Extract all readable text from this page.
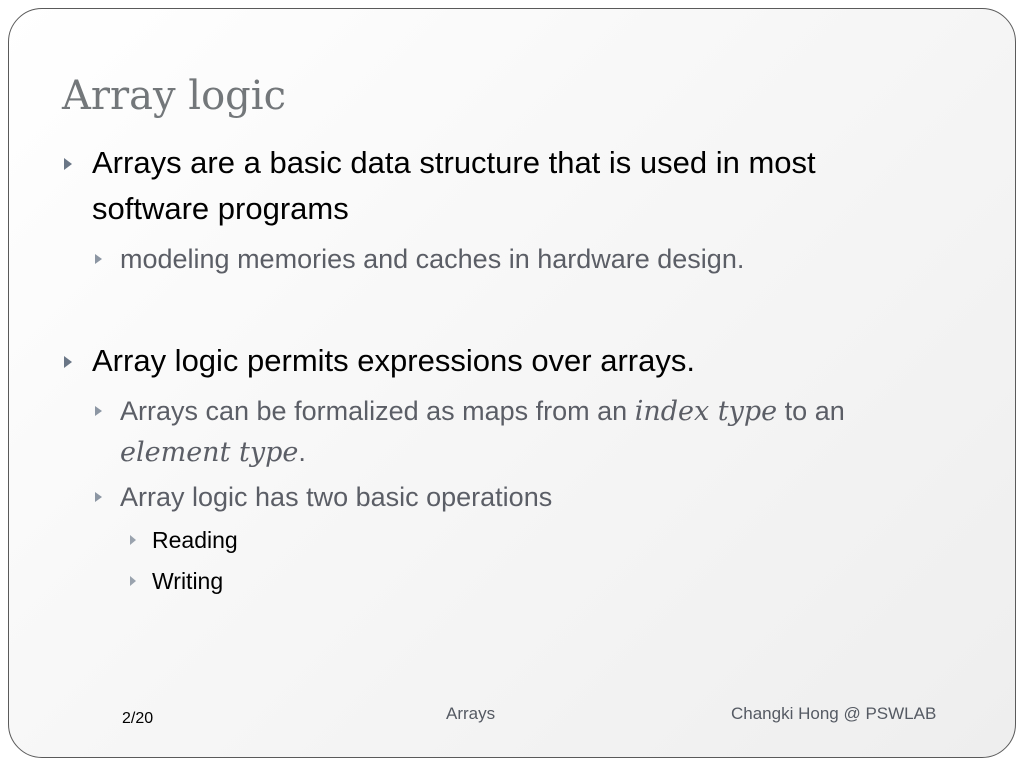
Array logic
Arrays are a basic data structure that is used in most software programs
modeling memories and caches in hardware design.
Array logic permits expressions over arrays.
Arrays can be formalized as maps from an index type to an element type.
Array logic has two basic operations
Reading
Writing
2/20	Arrays	Changki Hong @ PSWLAB
